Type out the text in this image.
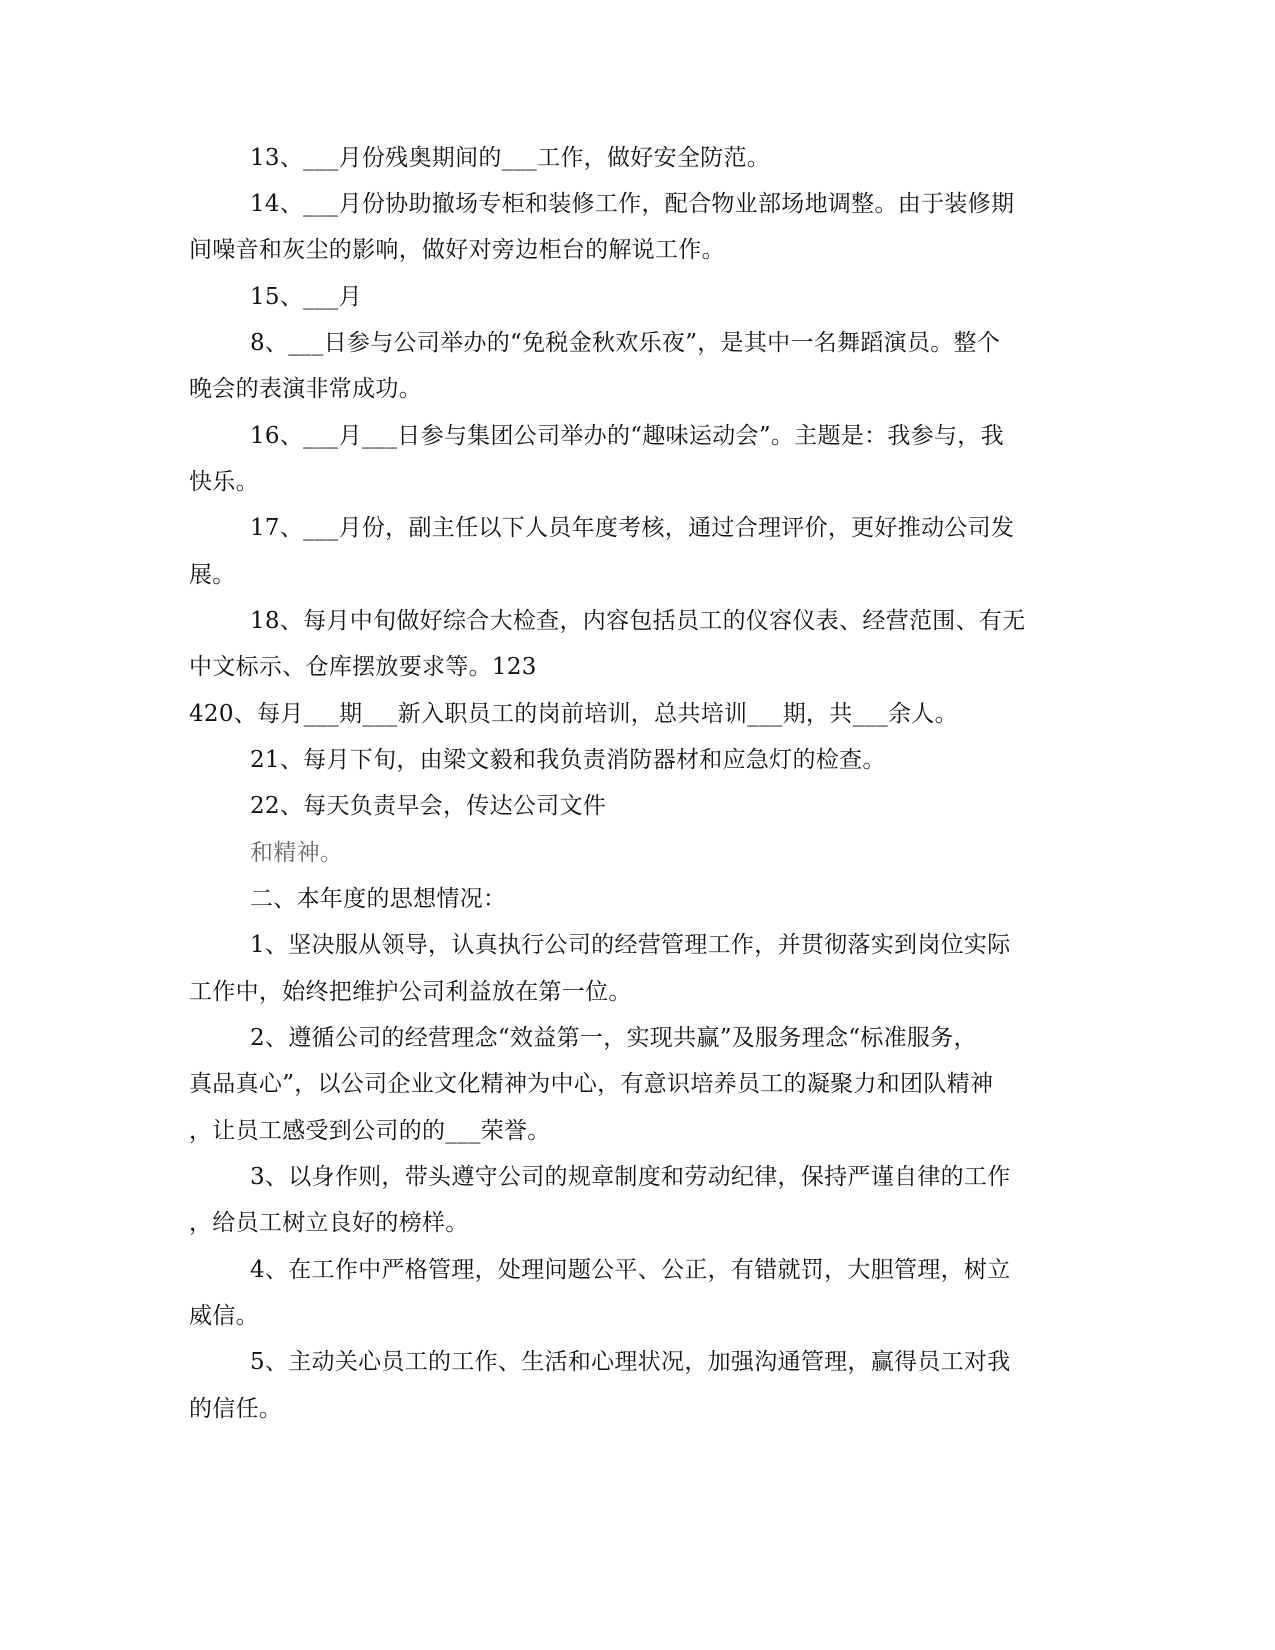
13、___月份残奥期间的___工作，做好安全防范。
14、___月份协助撤场专柜和装修工作，配合物业部场地调整。由于装修期
间噪音和灰尘的影响，做好对旁边柜台的解说工作。
15、___月
8、___日参与公司举办的“免税金秋欢乐夜”，是其中一名舞蹈演员。整个
晚会的表演非常成功。
16、___月___日参与集团公司举办的“趣味运动会”。主题是：我参与，我
快乐。
17、___月份，副主任以下人员年度考核，通过合理评价，更好推动公司发
展。
18、每月中旬做好综合大检查，内容包括员工的仪容仪表、经营范围、有无
中文标示、仓库摆放要求等。123
420、每月___期___新入职员工的岗前培训，总共培训___期，共___余人。
21、每月下旬，由梁文毅和我负责消防器材和应急灯的检查。
22、每天负责早会，传达公司文件
和精神。
二、本年度的思想情况：
1、坚决服从领导，认真执行公司的经营管理工作，并贯彻落实到岗位实际
工作中，始终把维护公司利益放在第一位。
2、遵循公司的经营理念“效益第一，实现共赢”及服务理念“标准服务，
真品真心”，以公司企业文化精神为中心，有意识培养员工的凝聚力和团队精神
，让员工感受到公司的的___荣誉。
3、以身作则，带头遵守公司的规章制度和劳动纪律，保持严谨自律的工作
，给员工树立良好的榜样。
4、在工作中严格管理，处理问题公平、公正，有错就罚，大胆管理，树立
威信。
5、主动关心员工的工作、生活和心理状况，加强沟通管理，赢得员工对我
的信任。
